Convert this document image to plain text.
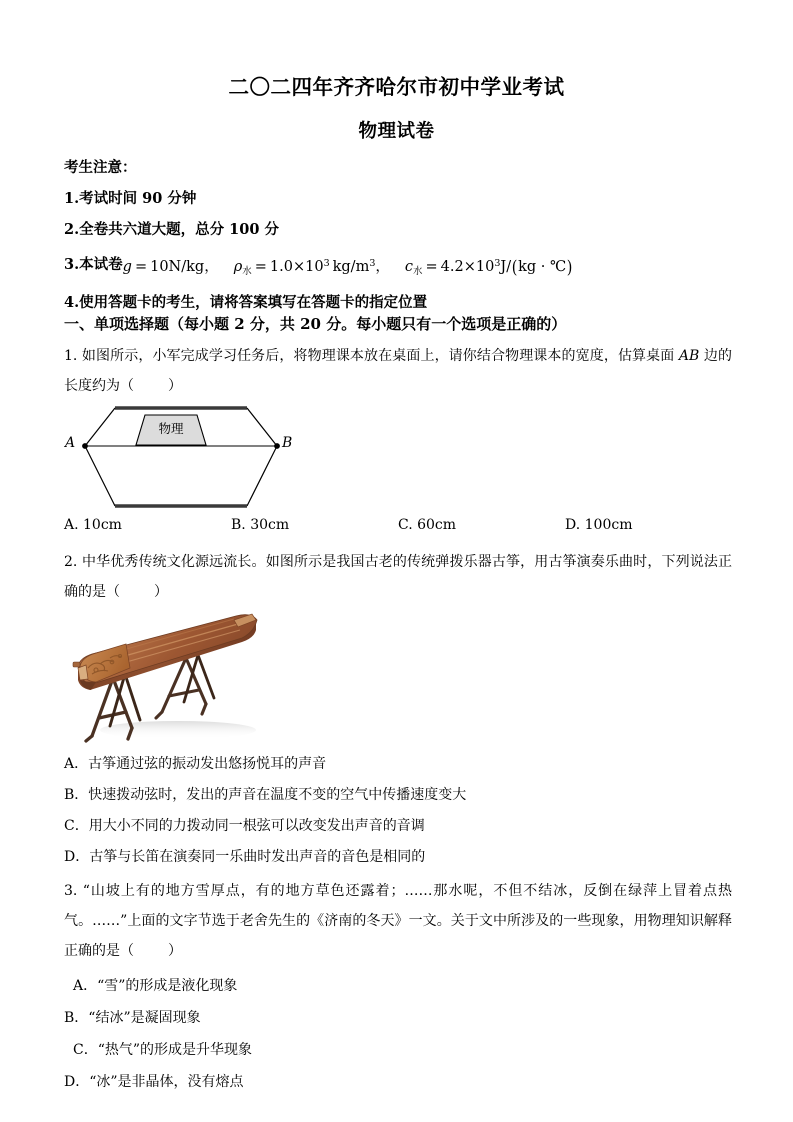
二〇二四年齐齐哈尔市初中学业考试
物理试卷
考生注意：
1.考试时间 90 分钟
2.全卷共六道大题，总分 100 分
3.本试卷g = 10N/kg， $\rho_水 = 1.0\times 10^3$ $kg/m^3$， $c_水 = 4.2\times 10^3J/(kg$ · ℃)
4.使用答题卡的考生，请将答案填写在答题卡的指定位置
一、单项选择题（每小题 2 分，共 20 分。每小题只有一个选项是正确的）
1. 如图所示，小军完成学习任务后，将物理课本放在桌面上，请你结合物理课本的宽度，估算桌面 AB 边的长度约为（ ）
物理
A	B
A. 10cm	B. 30cm	C. 60cm	D. 100cm
2. 中华优秀传统文化源远流长。如图所示是我国古老的传统弹拨乐器古筝，用古筝演奏乐曲时，下列说法正确的是（ ）
A．古筝通过弦的振动发出悠扬悦耳的声音
B．快速拨动弦时，发出的声音在温度不变的空气中传播速度变大
C．用大小不同的力拨动同一根弦可以改变发出声音的音调
D．古筝与长笛在演奏同一乐曲时发出声音的音色是相同的
3. “山坡上有的地方雪厚点，有的地方草色还露着；……那水呢，不但不结冰，反倒在绿萍上冒着点热气。……”上面的文字节选于老舍先生的《济南的冬天》一文。关于文中所涉及的一些现象，用物理知识解释正确的是（ ）
A．“雪”的形成是液化现象
B．“结冰”是凝固现象
C．“热气”的形成是升华现象
D．“冰”是非晶体，没有熔点
